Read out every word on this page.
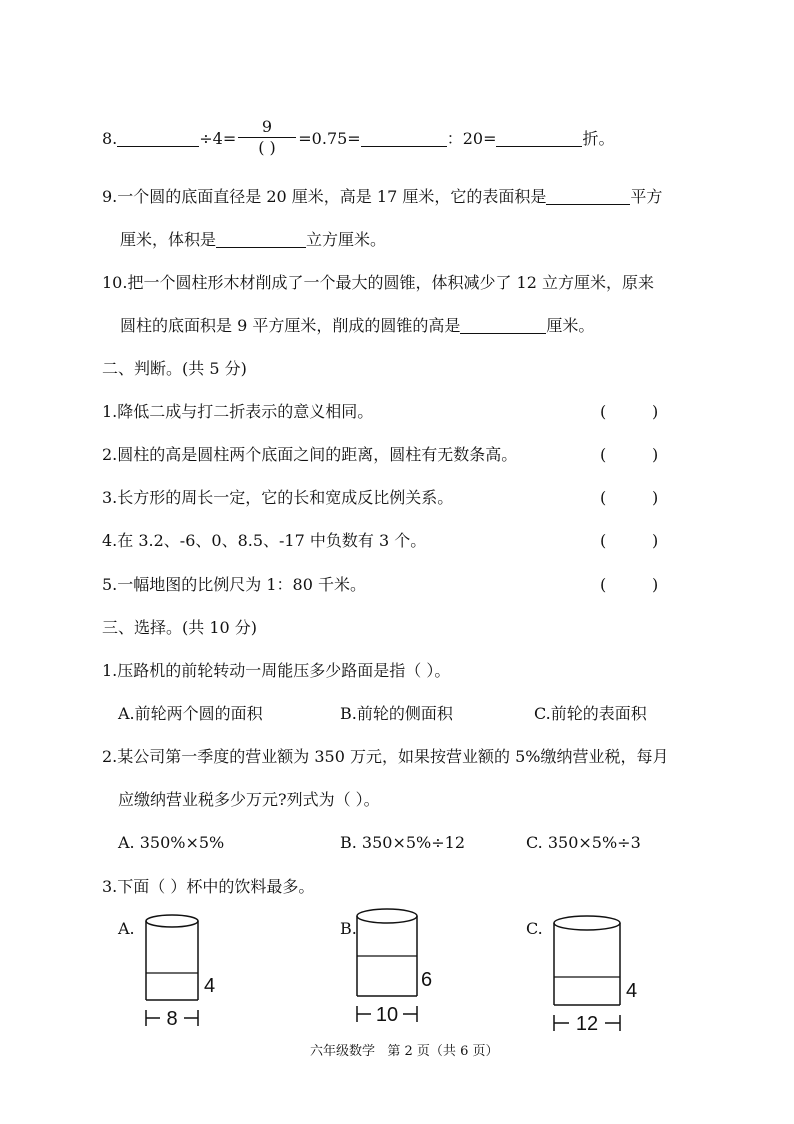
8.	÷4=	=0.75=	：20=	折。
9
( )
9.一个圆的底面直径是 20 厘米，高是 17 厘米，它的表面积是	平方
厘米，体积是	立方厘米。
10.把一个圆柱形木材削成了一个最大的圆锥，体积减少了 12 立方厘米，原来
圆柱的底面积是 9 平方厘米，削成的圆锥的高是	厘米。
二、判断。(共 5 分)
1.降低二成与打二折表示的意义相同。	(	)
2.圆柱的高是圆柱两个底面之间的距离，圆柱有无数条高。	(	)
3.长方形的周长一定，它的长和宽成反比例关系。	(	)
4.在 3.2、-6、0、8.5、-17 中负数有 3 个。	(	)
5.一幅地图的比例尺为 1：80 千米。	(	)
三、选择。(共 10 分)
1.压路机的前轮转动一周能压多少路面是指（ ）。
A.前轮两个圆的面积	B.前轮的侧面积	C.前轮的表面积
2.某公司第一季度的营业额为 350 万元，如果按营业额的 5%缴纳营业税，每月
应缴纳营业税多少万元?列式为（ ）。
A. 350%×5%	B. 350×5%÷12	C. 350×5%÷3
3.下面（ ）杯中的饮料最多。
A.
8
4
B.
10
6
C.
12
4
六年级数学   第 2 页（共 6 页）
